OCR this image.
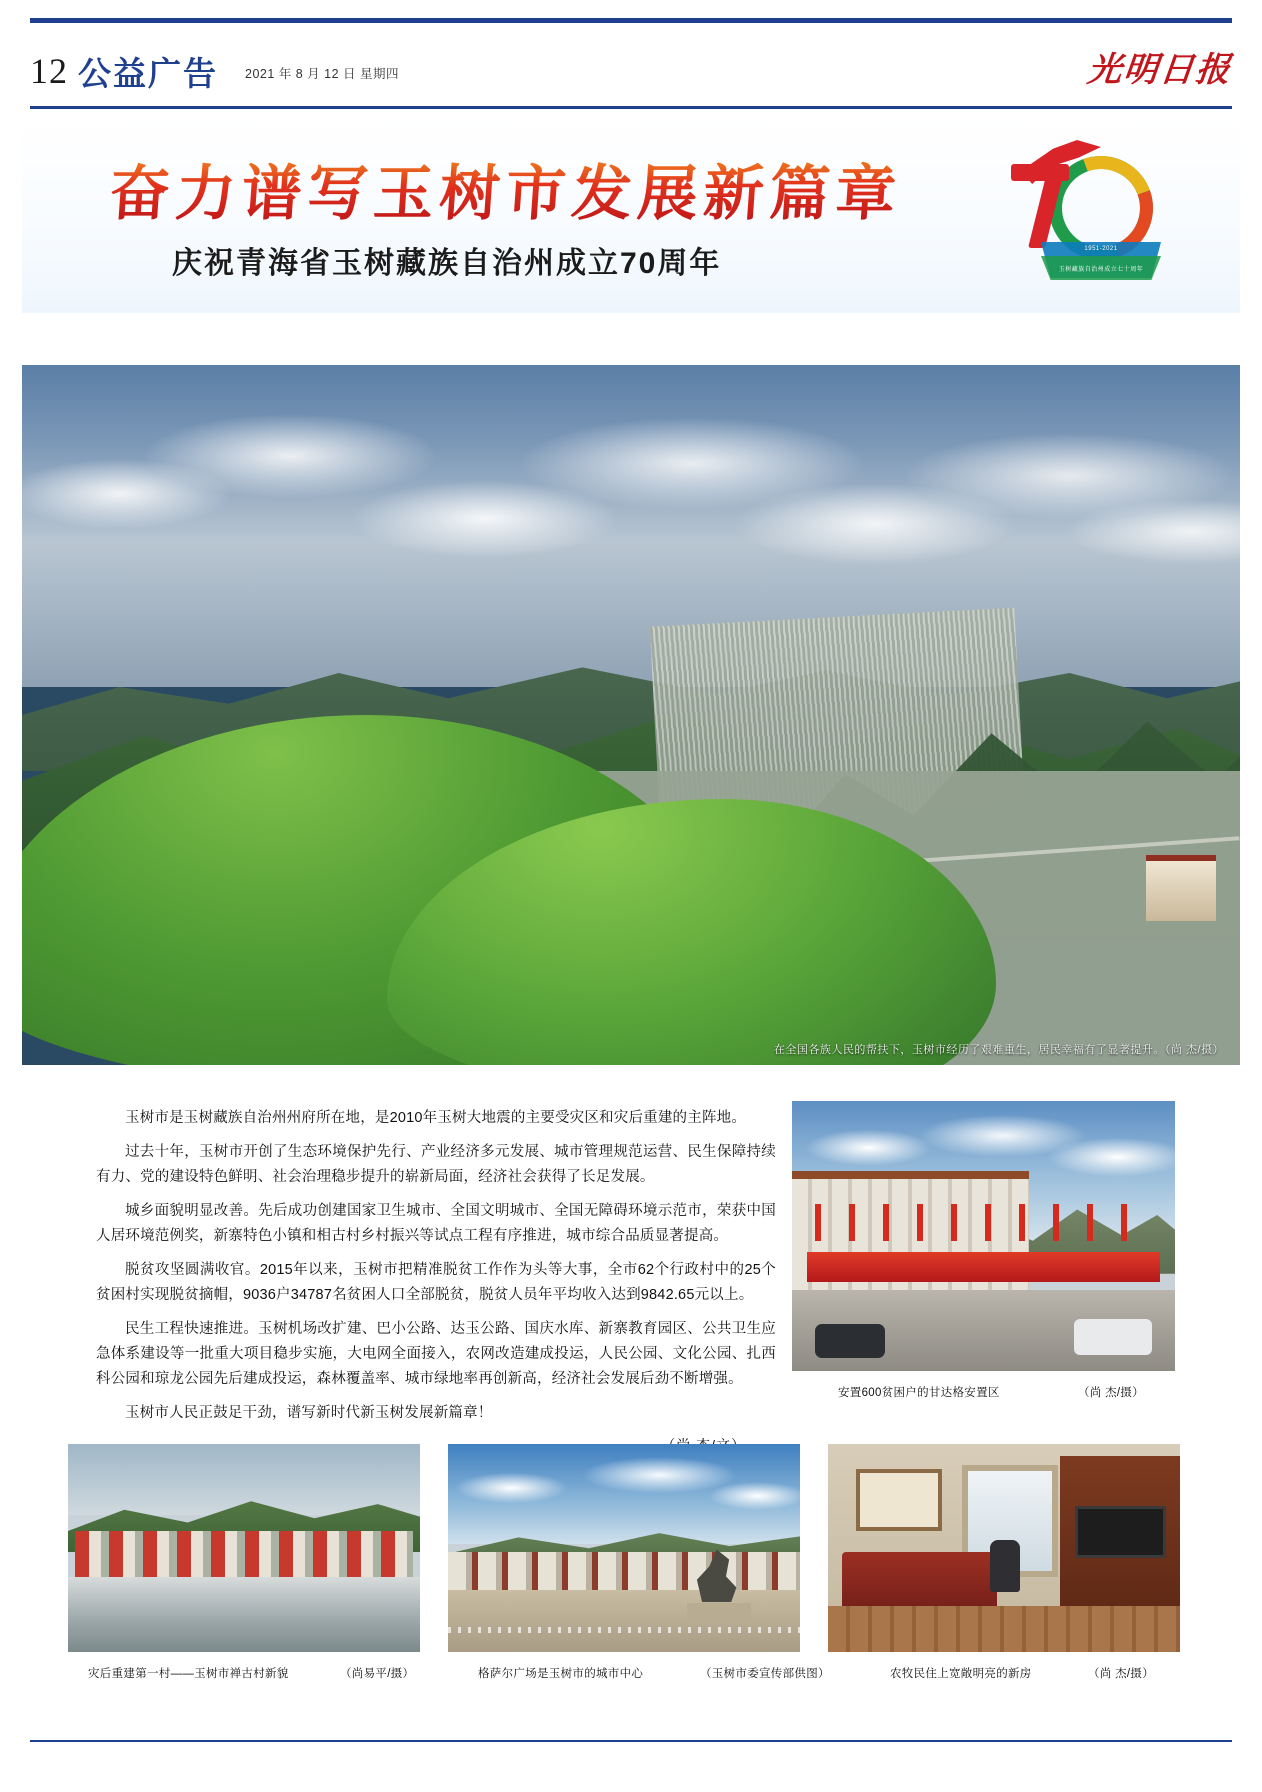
12 公益广告 2021 年 8 月 12 日 星期四	光明日报
奋力谱写玉树市发展新篇章
庆祝青海省玉树藏族自治州成立70周年	1951-2021
玉树藏族自治州成立七十周年
在全国各族人民的帮扶下，玉树市经历了艰难重生，居民幸福有了显著提升。（尚 杰/摄）

玉树市是玉树藏族自治州州府所在地，是2010年玉树大地震的主要受灾区和灾后重建的主阵地。

过去十年，玉树市开创了生态环境保护先行、产业经济多元发展、城市管理规范运营、民生保障持续有力、党的建设特色鲜明、社会治理稳步提升的崭新局面，经济社会获得了长足发展。

城乡面貌明显改善。先后成功创建国家卫生城市、全国文明城市、全国无障碍环境示范市，荣获中国人居环境范例奖，新寨特色小镇和相古村乡村振兴等试点工程有序推进，城市综合品质显著提高。

脱贫攻坚圆满收官。2015年以来，玉树市把精准脱贫工作作为头等大事，全市62个行政村中的25个贫困村实现脱贫摘帽，9036户34787名贫困人口全部脱贫，脱贫人员年平均收入达到9842.65元以上。

民生工程快速推进。玉树机场改扩建、巴小公路、达玉公路、国庆水库、新寨教育园区、公共卫生应急体系建设等一批重大项目稳步实施，大电网全面接入，农网改造建成投运，人民公园、文化公园、扎西科公园和琼龙公园先后建成投运，森林覆盖率、城市绿地率再创新高，经济社会发展后劲不断增强。

玉树市人民正鼓足干劲，谱写新时代新玉树发展新篇章！

安置600贫困户的甘达格安置区	（尚 杰/摄）
灾后重建第一村——玉树市禅古村新貌	（尚易平/摄）	格萨尔广场是玉树市的城市中心	（玉树市委宣传部供图）	农牧民住上宽敞明亮的新房	（尚 杰/摄）
